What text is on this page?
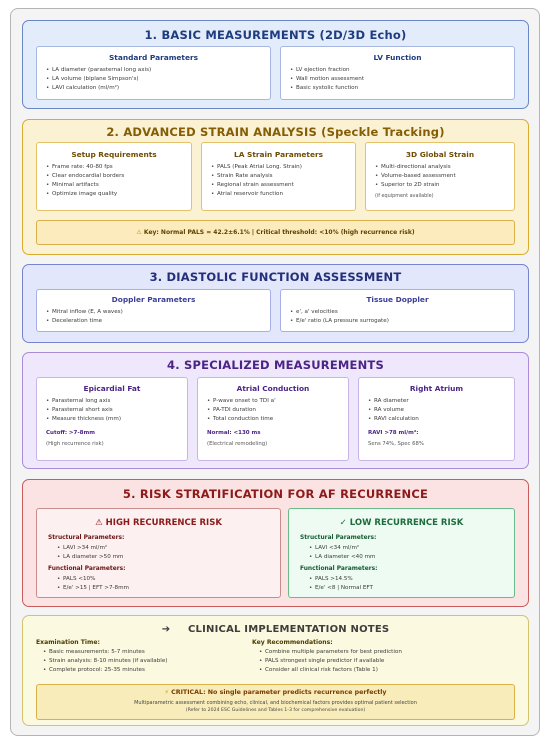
1. BASIC MEASUREMENTS (2D/3D Echo)
Standard Parameters
• LA diameter (parasternal long axis)
• LA volume (biplane Simpson's)
• LAVI calculation (ml/m²)
LV Function
• LV ejection fraction
• Wall motion assessment
• Basic systolic function
2. ADVANCED STRAIN ANALYSIS (Speckle Tracking)
Setup Requirements
• Frame rate: 40-80 fps
• Clear endocardial borders
• Minimal artifacts
• Optimize image quality
LA Strain Parameters
• PALS (Peak Atrial Long. Strain)
• Strain Rate analysis
• Regional strain assessment
• Atrial reservoir function
3D Global Strain
• Multi-directional analysis
• Volume-based assessment
• Superior to 2D strain
(if equipment available)
⚠ Key: Normal PALS = 42.2±6.1% | Critical threshold: <10% (high recurrence risk)
3. DIASTOLIC FUNCTION ASSESSMENT
Doppler Parameters
• Mitral inflow (E, A waves)
• Deceleration time
Tissue Doppler
• e', a' velocities
• E/e' ratio (LA pressure surrogate)
4. SPECIALIZED MEASUREMENTS
Epicardial Fat
• Parasternal long axis
• Parasternal short axis
• Measure thickness (mm)
Cutoff: >7-8mm
(High recurrence risk)
Atrial Conduction
• P-wave onset to TDI a'
• PA-TDI duration
• Total conduction time
Normal: <130 ms
(Electrical remodeling)
Right Atrium
• RA diameter
• RA volume
• RAVI calculation
RAVI >78 ml/m²:
Sens 74%, Spec 68%
5. RISK STRATIFICATION FOR AF RECURRENCE
⚠ HIGH RECURRENCE RISK
Structural Parameters:
• LAVI >34 ml/m²
• LA diameter >50 mm
Functional Parameters:
• PALS <10%
• E/e' >15 | EFT >7-8mm
✓ LOW RECURRENCE RISK
Structural Parameters:
• LAVI <34 ml/m²
• LA diameter <40 mm
Functional Parameters:
• PALS >14.5%
• E/e' <8 | Normal EFT
➔ CLINICAL IMPLEMENTATION NOTES
Examination Time:
• Basic measurements: 5-7 minutes
• Strain analysis: 8-10 minutes (if available)
• Complete protocol: 25-35 minutes
Key Recommendations:
• Combine multiple parameters for best prediction
• PALS strongest single predictor if available
• Consider all clinical risk factors (Table 1)
⚡ CRITICAL: No single parameter predicts recurrence perfectly
Multiparametric assessment combining echo, clinical, and biochemical factors provides optimal patient selection
(Refer to 2024 ESC Guidelines and Tables 1-3 for comprehensive evaluation)
